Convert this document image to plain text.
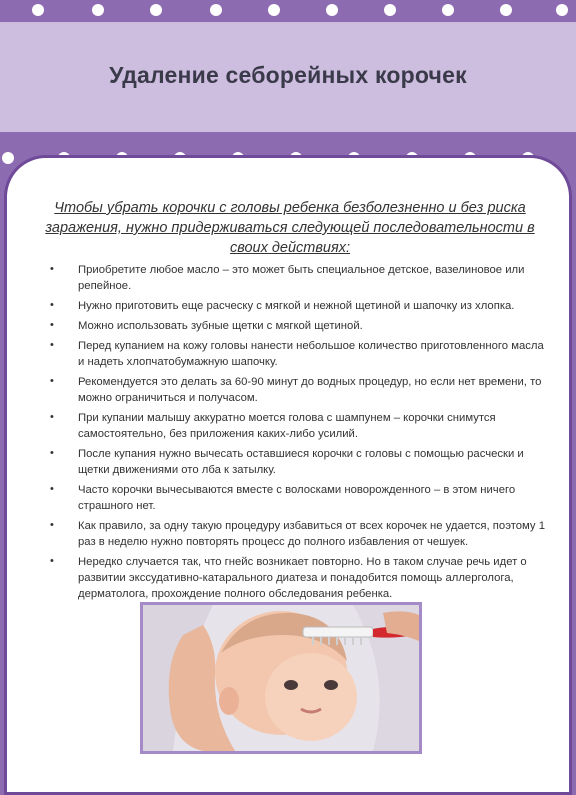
Удаление себорейных корочек
Чтобы убрать корочки с головы ребенка безболезненно и без риска заражения, нужно придерживаться следующей последовательности в своих действиях:
• Приобретите любое масло – это может быть специальное детское, вазелиновое или репейное.
• Нужно приготовить еще расческу с мягкой и нежной щетиной и шапочку из хлопка.
• Можно использовать зубные щетки с мягкой щетиной.
• Перед купанием на кожу головы нанести небольшое количество приготовленного масла и надеть хлопчатобумажную шапочку.
• Рекомендуется это делать за 60-90 минут до водных процедур, но если нет времени, то можно ограничиться и получасом.
• При купании малышу аккуратно моется голова с шампунем – корочки снимутся самостоятельно, без приложения каких-либо усилий.
• После купания нужно вычесать оставшиеся корочки с головы с помощью расчески и щетки движениями ото лба к затылку.
• Часто корочки вычесываются вместе с волосками новорожденного – в этом ничего страшного нет.
• Как правило, за одну такую процедуру избавиться от всех корочек не удается, поэтому 1 раз в неделю нужно повторять процесс до полного избавления от чешуек.
• Нередко случается так, что гнейс возникает повторно. Но в таком случае речь идет о развитии экссудативно-катарального диатеза и понадобится помощь аллерголога, дерматолога, прохождение полного обследования ребенка.
